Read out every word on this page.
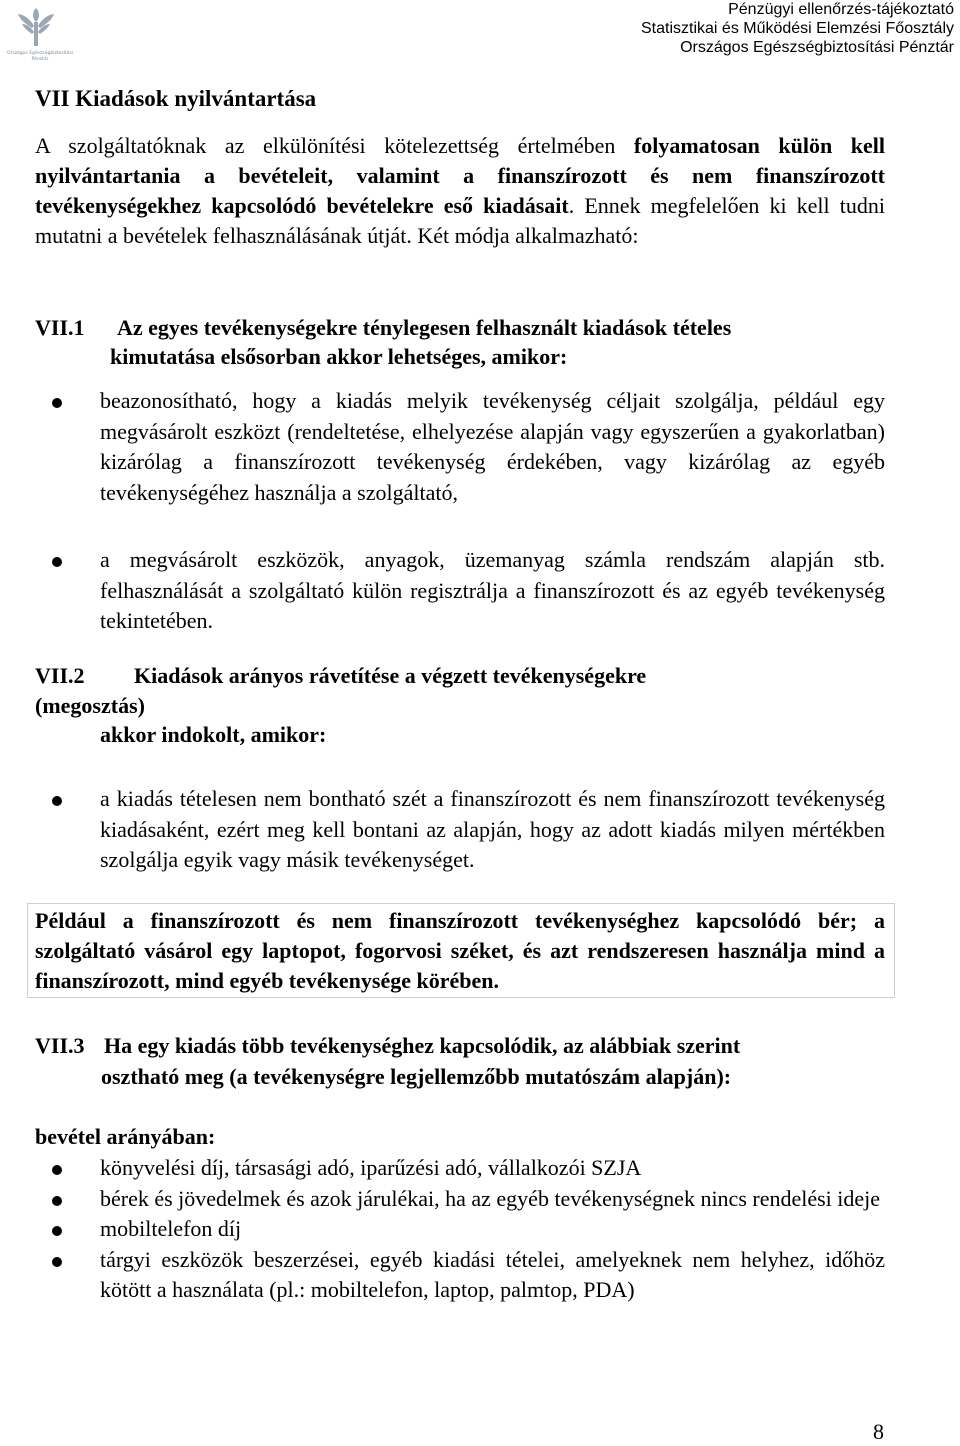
Országos Egészségbiztosítási Pénztár
Pénzügyi ellenőrzés-tájékoztató
Statisztikai és Működési Elemzési Főosztály
Országos Egészségbiztosítási Pénztár
VII Kiadások nyilvántartása

A szolgáltatóknak az elkülönítési kötelezettség értelmében folyamatosan külön kell nyilvántartania a bevételeit, valamint a finanszírozott és nem finanszírozott tevékenységekhez kapcsolódó bevételekre eső kiadásait. Ennek megfelelően ki kell tudni mutatni a bevételek felhasználásának útját. Két módja alkalmazható:

VII.1 Az egyes tevékenységekre ténylegesen felhasznált kiadások tételes
kimutatása elsősorban akkor lehetséges, amikor:
beazonosítható, hogy a kiadás melyik tevékenység céljait szolgálja, például egy megvásárolt eszközt (rendeltetése, elhelyezése alapján vagy egyszerűen a gyakorlatban) kizárólag a finanszírozott tevékenység érdekében, vagy kizárólag az egyéb tevékenységéhez használja a szolgáltató,
a megvásárolt eszközök, anyagok, üzemanyag számla rendszám alapján stb. felhasználását a szolgáltató külön regisztrálja a finanszírozott és az egyéb tevékenység tekintetében.
VII.2 Kiadások arányos rávetítése a végzett tevékenységekre
(megosztás)
akkor indokolt, amikor:
a kiadás tételesen nem bontható szét a finanszírozott és nem finanszírozott tevékenység kiadásaként, ezért meg kell bontani az alapján, hogy az adott kiadás milyen mértékben szolgálja egyik vagy másik tevékenységet.

Például a finanszírozott és nem finanszírozott tevékenységhez kapcsolódó bér; a szolgáltató vásárol egy laptopot, fogorvosi széket, és azt rendszeresen használja mind a finanszírozott, mind egyéb tevékenysége körében.

VII.3 Ha egy kiadás több tevékenységhez kapcsolódik, az alábbiak szerint
osztható meg (a tevékenységre legjellemzőbb mutatószám alapján):
bevétel arányában:
könyvelési díj, társasági adó, iparűzési adó, vállalkozói SZJA
bérek és jövedelmek és azok járulékai, ha az egyéb tevékenységnek nincs rendelési ideje
mobiltelefon díj
tárgyi eszközök beszerzései, egyéb kiadási tételei, amelyeknek nem helyhez, időhöz kötött a használata (pl.: mobiltelefon, laptop, palmtop, PDA)
8
